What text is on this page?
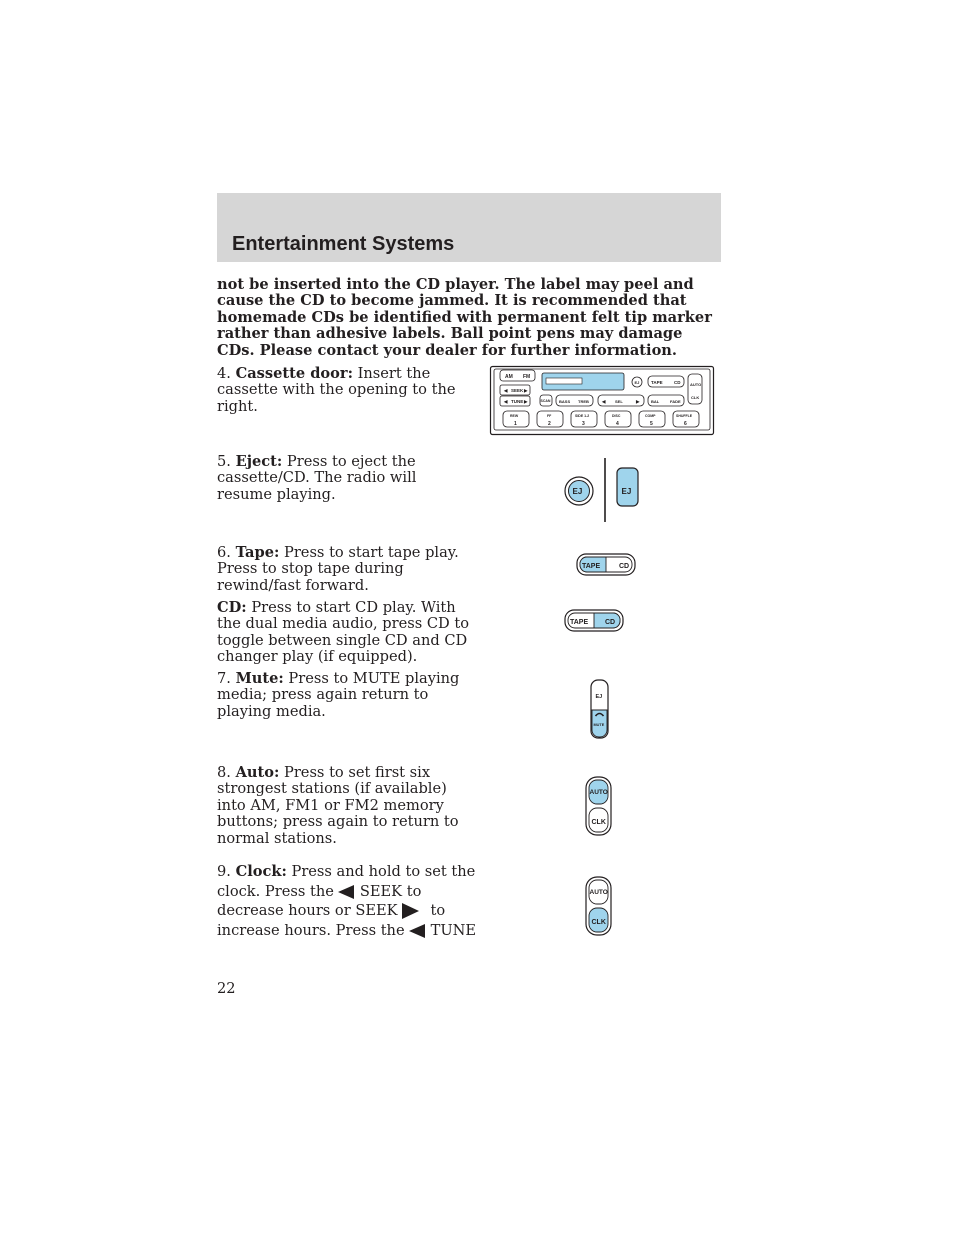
Entertainment Systems
not be inserted into the CD player. The label may peel and cause the CD to become jammed. It is recommended that homemade CDs be identified with permanent felt tip marker rather than adhesive labels. Ball point pens may damage CDs. Please contact your dealer for further information.
4. Cassette door: Insert the cassette with the opening to the right.
5. Eject: Press to eject the cassette/CD. The radio will resume playing.
6. Tape: Press to start tape play. Press to stop tape during rewind/fast forward.
CD: Press to start CD play. With the dual media audio, press CD to toggle between single CD and CD changer play (if equipped).
7. Mute: Press to MUTE playing media; press again return to playing media.
8. Auto: Press to set first six strongest stations (if available) into AM, FM1 or FM2 memory buttons; press again to return to normal stations.
9. Clock: Press and hold to set the
clock. Press the SEEK to
decrease hours or SEEK to
increase hours. Press the TUNE
AM FM
◀ SEEK ▶
◀ TUNE ▶
EJ	TAPE	CD AUTO
CLK
SCAN BASS TREB	◀ SEL	▶	BAL	FADE
REW
1
FF
2
SIDE 1-2
3
DISC
4
COMP
5
SHUFFLE
6
EJ	EJ
TAPE	CD
TAPE CD
EJ
MUTE
AUTO
CLK
AUTO
CLK
22
